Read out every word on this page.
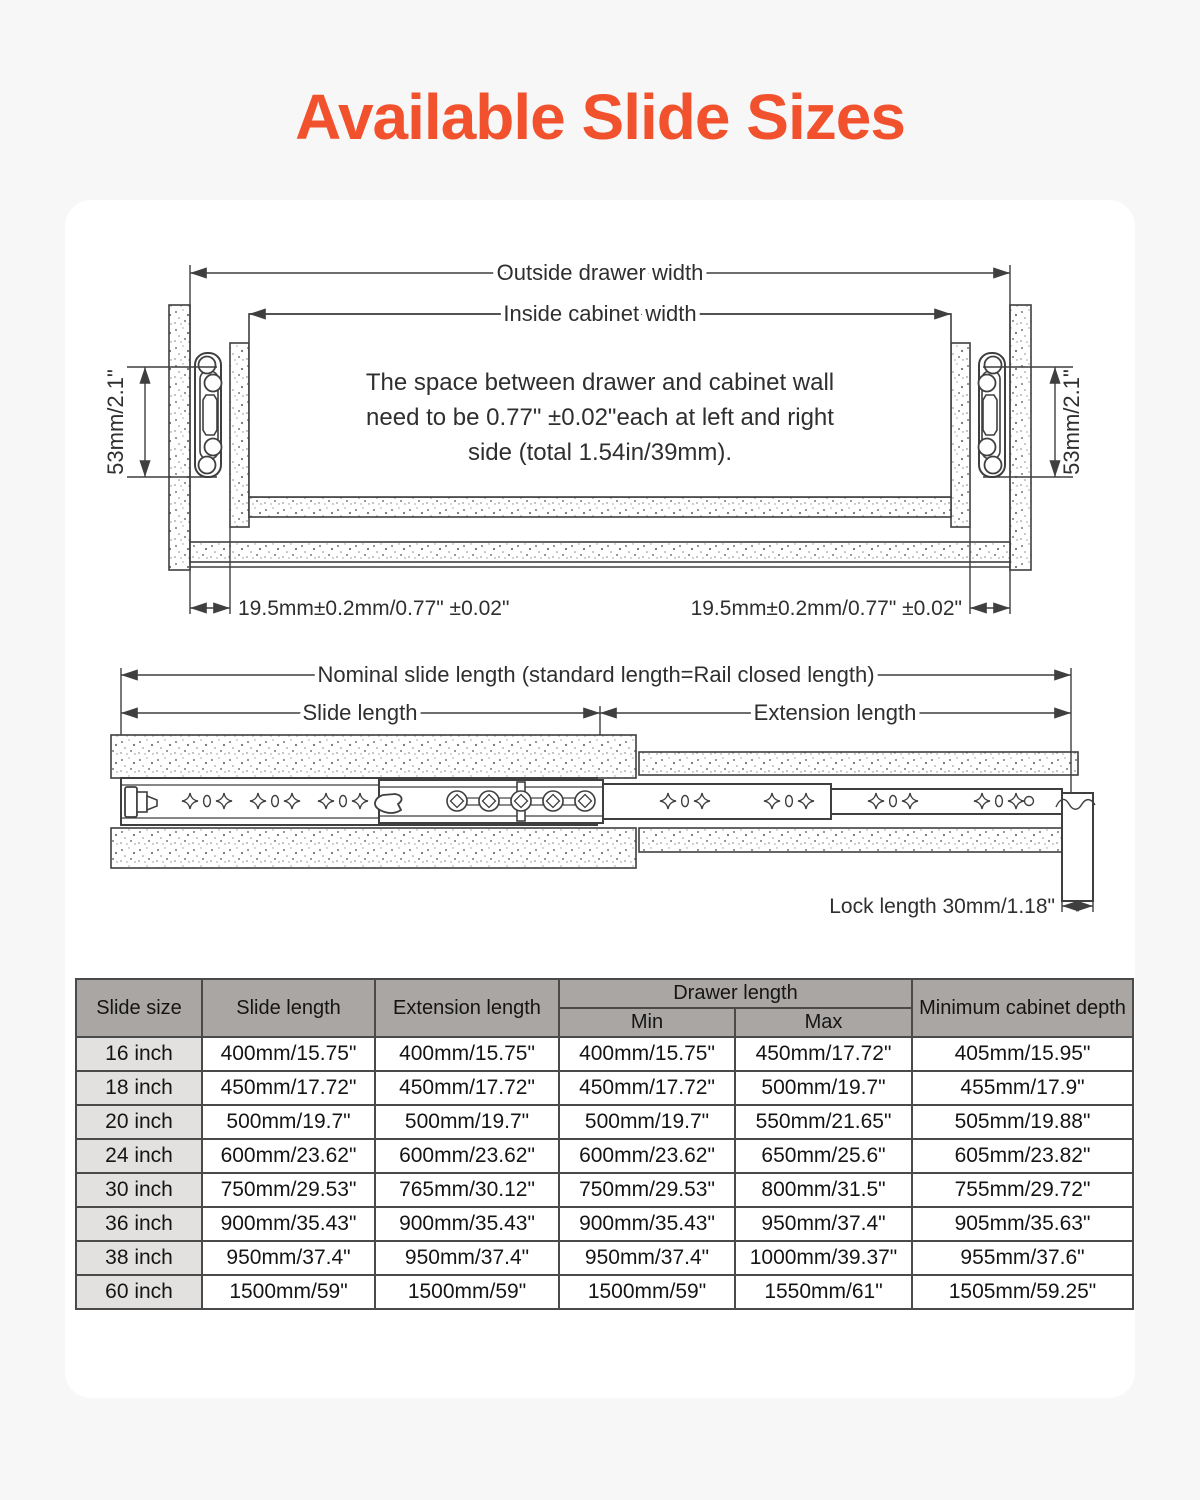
Available Slide Sizes
Outside drawer width
Inside cabinet width
The space between drawer and cabinet wall
need to be 0.77" ±0.02"each at left and right
side (total 1.54in/39mm).
53mm/2.1"	53mm/2.1"
19.5mm±0.2mm/0.77" ±0.02"	19.5mm±0.2mm/0.77" ±0.02"
Nominal slide length (standard length=Rail closed length)
Slide length	Extension length
Lock length 30mm/1.18"
Slide size	Slide length	Extension length	Drawer length		Minimum cabinet depth
			Min	Max	
16 inch	400mm/15.75"	400mm/15.75"	400mm/15.75"	450mm/17.72"	405mm/15.95"
18 inch	450mm/17.72"	450mm/17.72"	450mm/17.72"	500mm/19.7"	455mm/17.9"
20 inch	500mm/19.7"	500mm/19.7"	500mm/19.7"	550mm/21.65"	505mm/19.88"
24 inch	600mm/23.62"	600mm/23.62"	600mm/23.62"	650mm/25.6"	605mm/23.82"
30 inch	750mm/29.53"	765mm/30.12"	750mm/29.53"	800mm/31.5"	755mm/29.72"
36 inch	900mm/35.43"	900mm/35.43"	900mm/35.43"	950mm/37.4"	905mm/35.63"
38 inch	950mm/37.4"	950mm/37.4"	950mm/37.4"	1000mm/39.37"	955mm/37.6"
60 inch	1500mm/59"	1500mm/59"	1500mm/59"	1550mm/61"	1505mm/59.25"
